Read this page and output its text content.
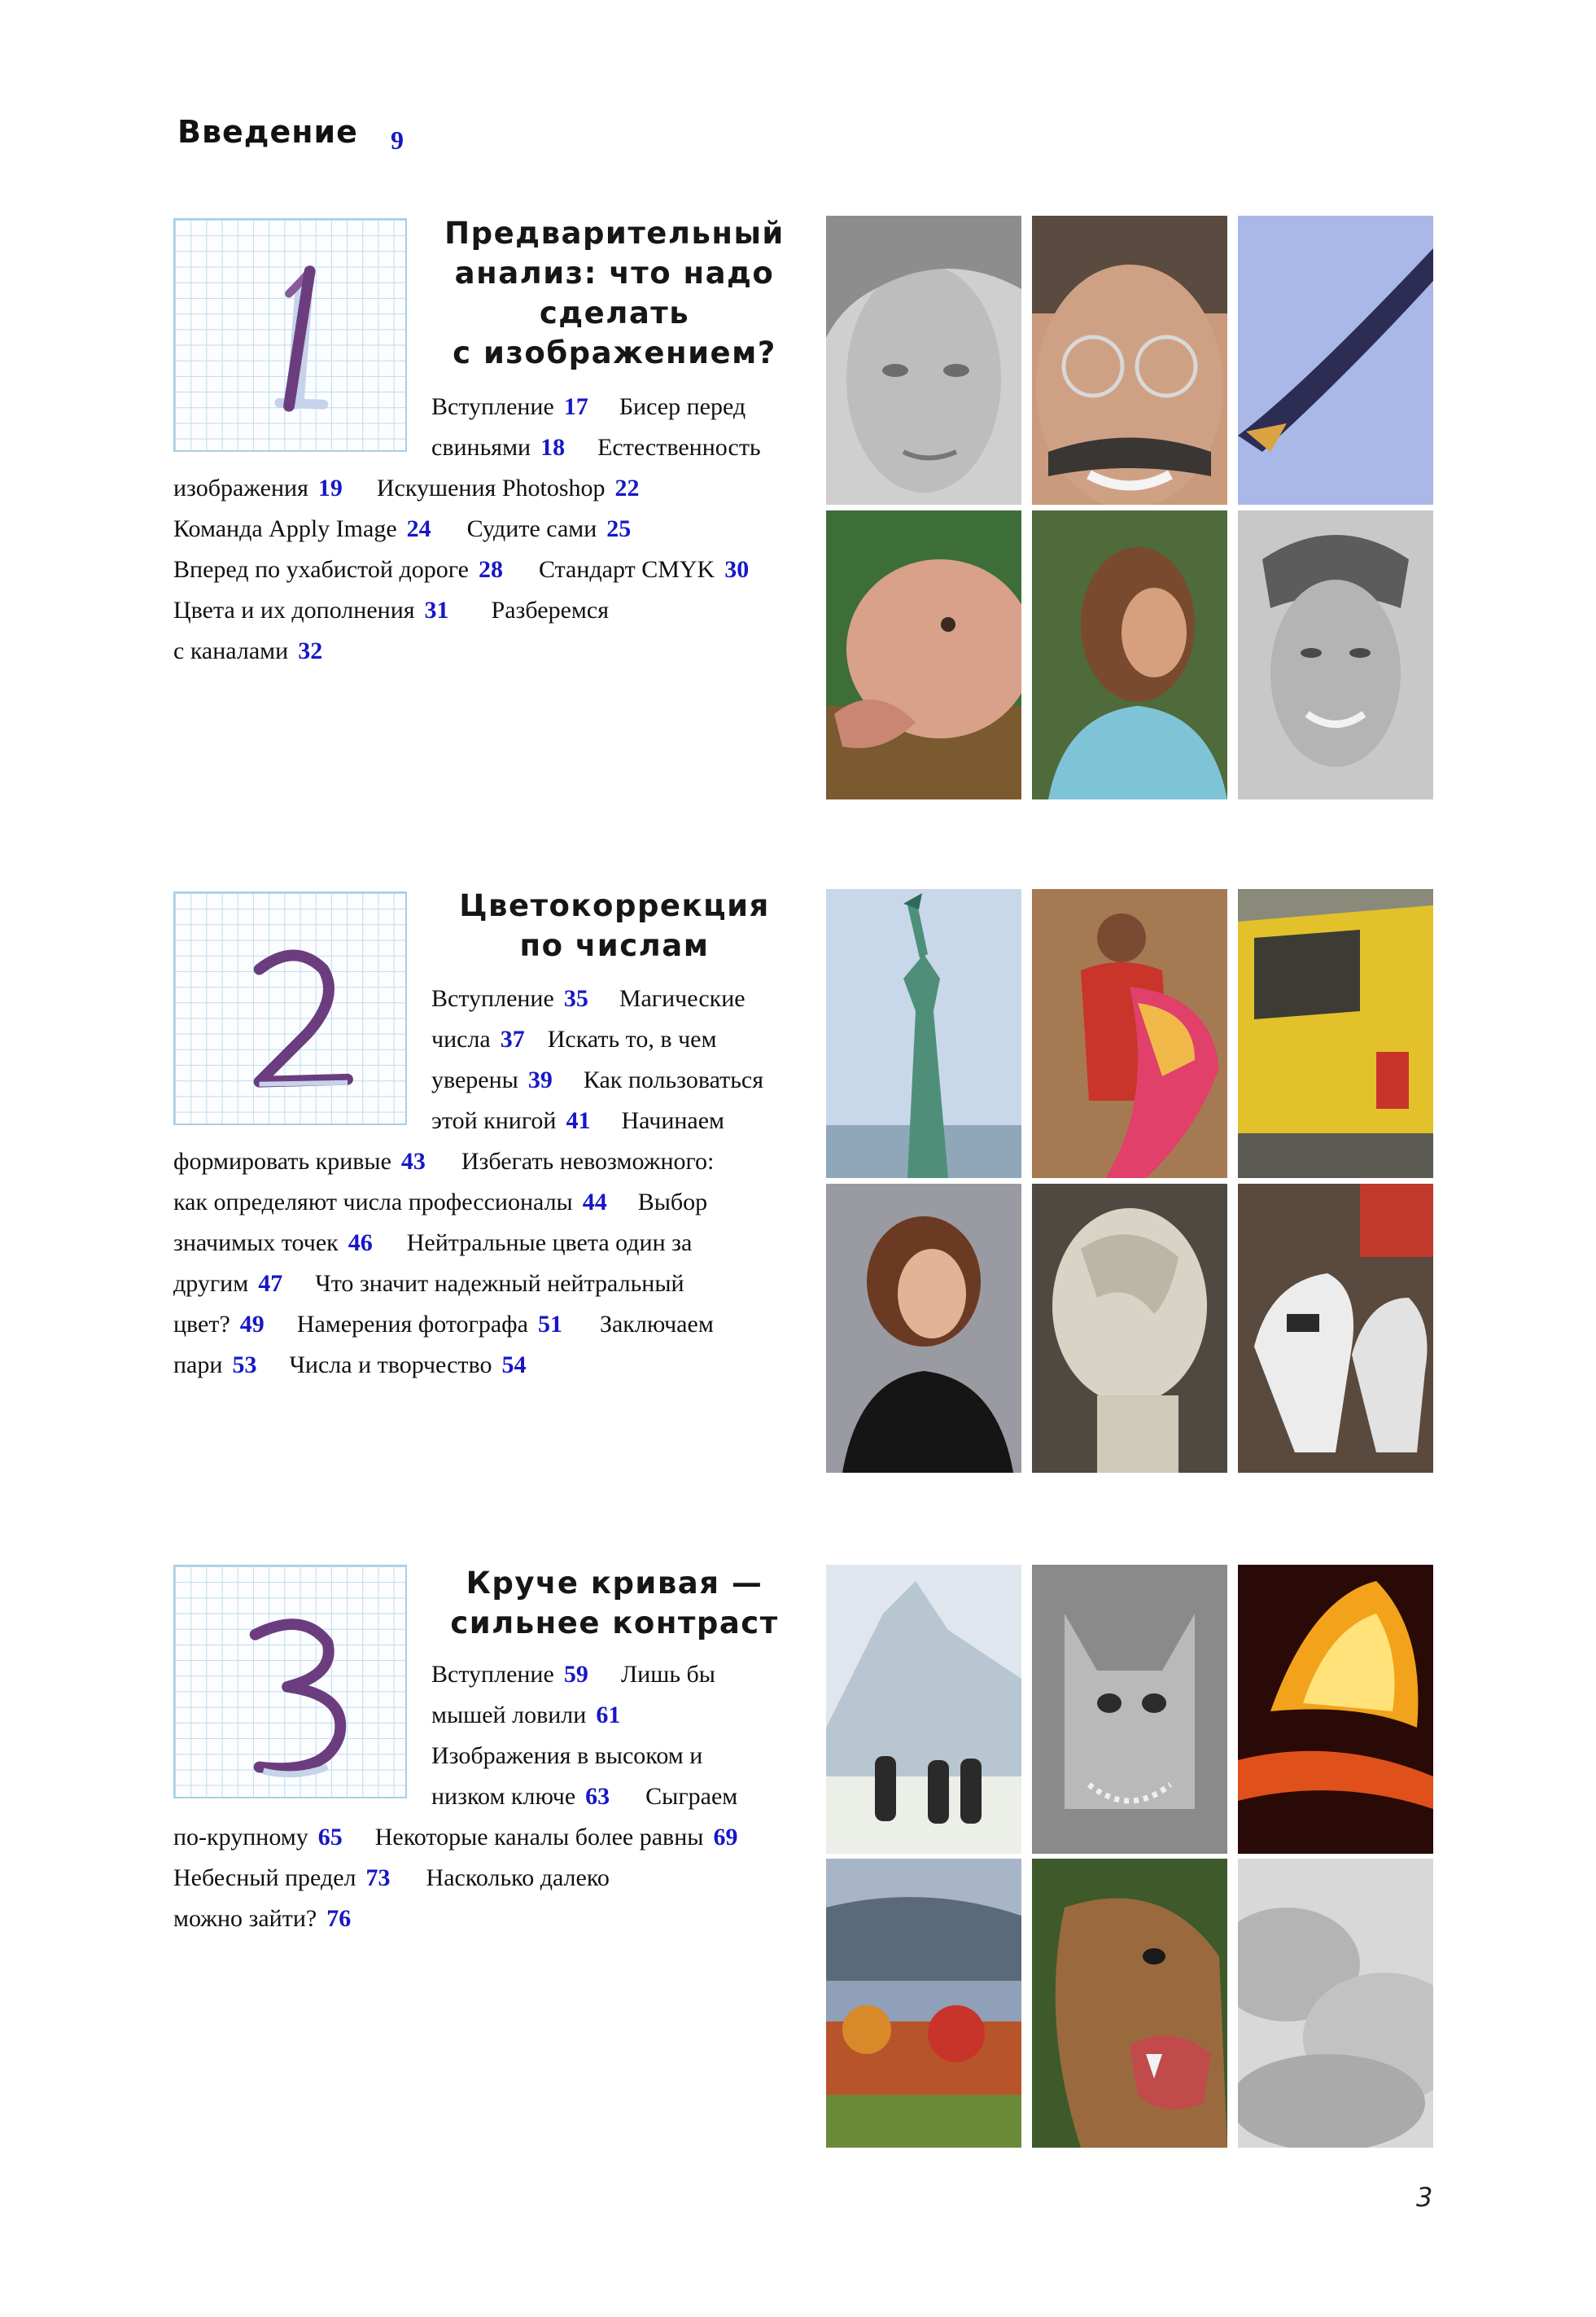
Введение 9
Предварительный
анализ: что надо
сделать
с изображением?
Вступление 17 Бисер перед
свиньями 18 Естественность
изображения 19 Искушения Photoshop 22
Команда Apply Image 24 Судите сами 25
Вперед по ухабистой дороге 28 Стандарт CMYK 30
Цвета и их дополнения 31 Разберемся
с каналами 32
Цветокоррекция
по числам
Вступление 35 Магические
числа 37 Искать то, в чем
уверены 39 Как пользоваться
этой книгой 41 Начинаем
формировать кривые 43 Избегать невозможного:
как определяют числа профессионалы 44 Выбор
значимых точек 46 Нейтральные цвета один за
другим 47 Что значит надежный нейтральный
цвет? 49 Намерения фотографа 51 Заключаем
пари 53 Числа и творчество 54
Круче кривая —
сильнее контраст
Вступление 59 Лишь бы
мышей ловили 61
Изображения в высоком и
низком ключе 63 Сыграем
по-крупному 65 Некоторые каналы более равны 69
Небесный предел 73 Насколько далеко
можно зайти? 76
3
